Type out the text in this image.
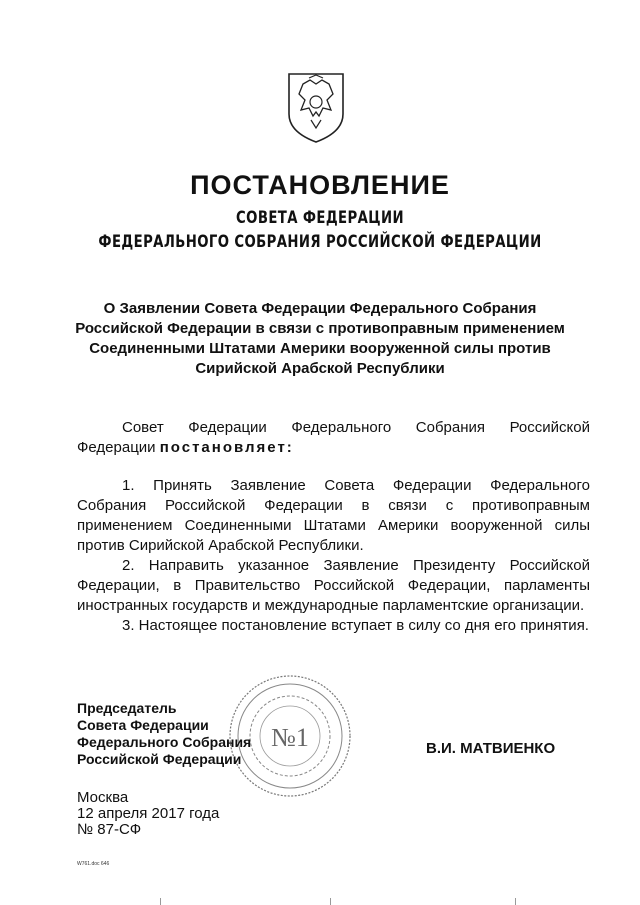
ПОСТАНОВЛЕНИЕ
СОВЕТА ФЕДЕРАЦИИ
ФЕДЕРАЛЬНОГО СОБРАНИЯ РОССИЙСКОЙ ФЕДЕРАЦИИ
О Заявлении Совета Федерации Федерального Собрания
Российской Федерации в связи с противоправным применением
Соединенными Штатами Америки вооруженной силы против
Сирийской Арабской Республики
Совет Федерации Федерального Собрания Российской Федерации постановляет:

1. Принять Заявление Совета Федерации Федерального Собрания Российской Федерации в связи с противоправным применением Соединенными Штатами Америки вооруженной силы против Сирийской Арабской Республики.

2. Направить указанное Заявление Президенту Российской Федерации, в Правительство Российской Федерации, парламенты иностранных государств и международные парламентские организации.

3. Настоящее постановление вступает в силу со дня его принятия.

№1
Председатель
Совета Федерации
Федерального Собрания
Российской Федерации
В.И. МАТВИЕНКО
Москва
12 апреля 2017 года
№ 87-СФ
W761.doc 646
